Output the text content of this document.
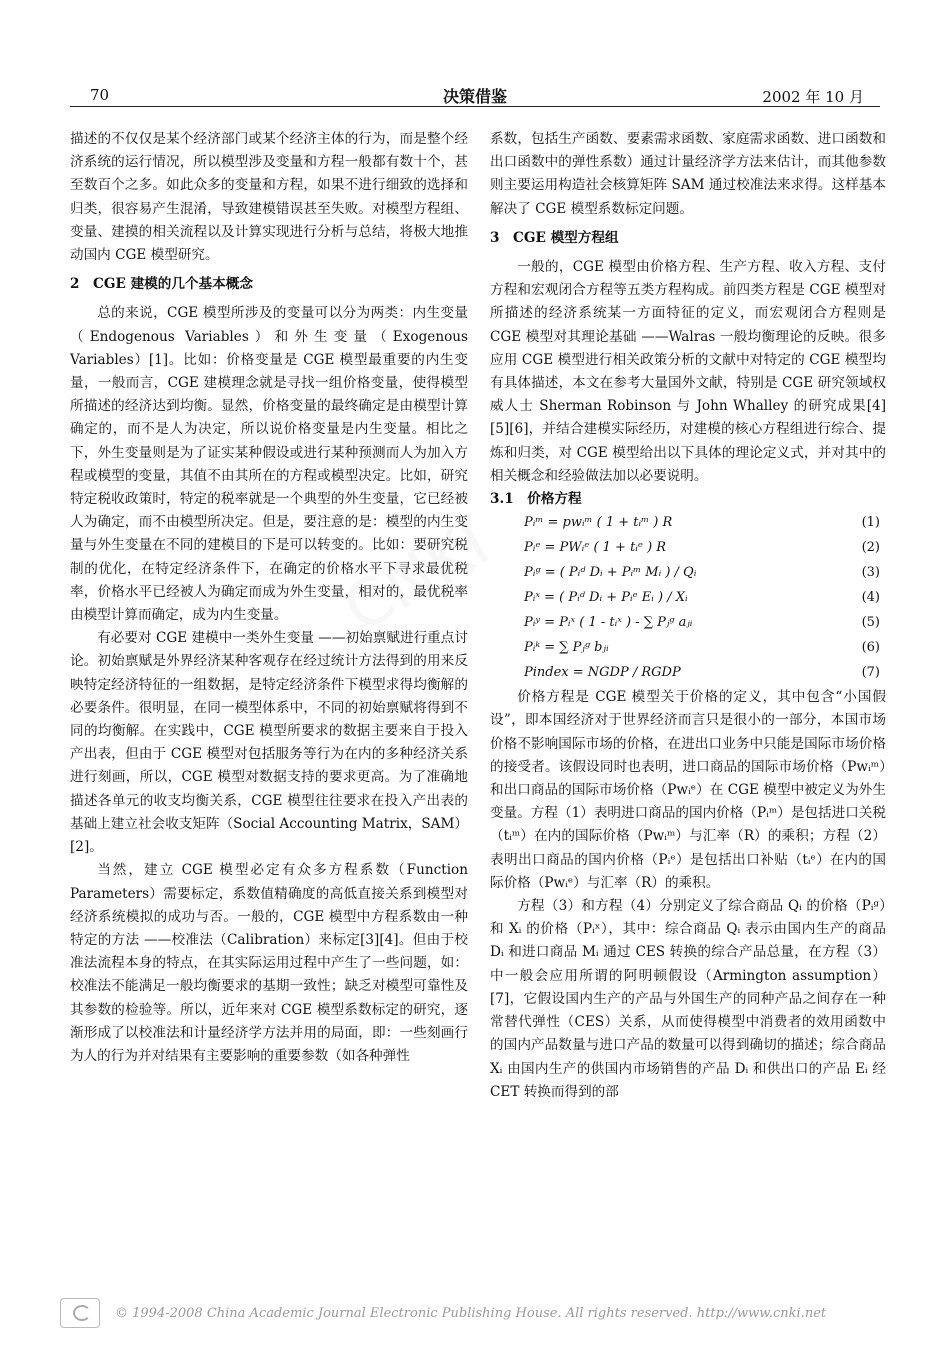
70	决策借鉴	2002 年 10 月

描述的不仅仅是某个经济部门或某个经济主体的行为，而是整个经济系统的运行情况，所以模型涉及变量和方程一般都有数十个，甚至数百个之多。如此众多的变量和方程，如果不进行细致的选择和归类，很容易产生混淆，导致建模错误甚至失败。对模型方程组、变量、建摸的相关流程以及计算实现进行分析与总结，将极大地推动国内 CGE 模型研究。

2　CGE 建模的几个基本概念

总的来说，CGE 模型所涉及的变量可以分为两类：内生变量（Endogenous Variables）和外生变量（Exogenous Variables）[1]。比如：价格变量是 CGE 模型最重要的内生变量，一般而言，CGE 建模理念就是寻找一组价格变量，使得模型所描述的经济达到均衡。显然，价格变量的最终确定是由模型计算确定的，而不是人为决定，所以说价格变量是内生变量。相比之下，外生变量则是为了证实某种假设或进行某种预测而人为加入方程或模型的变量，其值不由其所在的方程或模型决定。比如，研究特定税收政策时，特定的税率就是一个典型的外生变量，它已经被人为确定，而不由模型所决定。但是，要注意的是：模型的内生变量与外生变量在不同的建模目的下是可以转变的。比如：要研究税制的优化，在特定经济条件下，在确定的价格水平下寻求最优税率，价格水平已经被人为确定而成为外生变量，相对的，最优税率由模型计算而确定，成为内生变量。

有必要对 CGE 建模中一类外生变量 ——初始禀赋进行重点讨论。初始禀赋是外界经济某种客观存在经过统计方法得到的用来反映特定经济特征的一组数据，是特定经济条件下模型求得均衡解的必要条件。很明显，在同一模型体系中，不同的初始禀赋将得到不同的均衡解。在实践中，CGE 模型所要求的数据主要来自于投入产出表，但由于 CGE 模型对包括服务等行为在内的多种经济关系进行刻画，所以，CGE 模型对数据支持的要求更高。为了准确地描述各单元的收支均衡关系，CGE 模型往往要求在投入产出表的基础上建立社会收支矩阵（Social Accounting Matrix，SAM）[2]。

当然，建立 CGE 模型必定有众多方程系数（Function Parameters）需要标定，系数值精确度的高低直接关系到模型对经济系统模拟的成功与否。一般的，CGE 模型中方程系数由一种特定的方法 ——校准法（Calibration）来标定[3][4]。但由于校准法流程本身的特点，在其实际运用过程中产生了一些问题，如：校准法不能满足一般均衡要求的基期一致性；缺乏对模型可靠性及其参数的检验等。所以，近年来对 CGE 模型系数标定的研究，逐渐形成了以校准法和计量经济学方法并用的局面，即：一些刻画行为人的行为并对结果有主要影响的重要参数（如各种弹性

系数，包括生产函数、要素需求函数、家庭需求函数、进口函数和出口函数中的弹性系数）通过计量经济学方法来估计，而其他参数则主要运用构造社会核算矩阵 SAM 通过校准法来求得。这样基本解决了 CGE 模型系数标定问题。

3　CGE 模型方程组

一般的，CGE 模型由价格方程、生产方程、收入方程、支付方程和宏观闭合方程等五类方程构成。前四类方程是 CGE 模型对所描述的经济系统某一方面特征的定义，而宏观闭合方程则是 CGE 模型对其理论基础 ——Walras 一般均衡理论的反映。很多应用 CGE 模型进行相关政策分析的文献中对特定的 CGE 模型均有具体描述，本文在参考大量国外文献，特别是 CGE 研究领域权威人士 Sherman Robinson 与 John Whalley 的研究成果[4][5][6]，并结合建模实际经历，对建模的核心方程组进行综合、提炼和归类，对 CGE 模型给出以下具体的理论定义式，并对其中的相关概念和经验做法加以必要说明。

3.1　价格方程

Pᵢᵐ = pwᵢᵐ ( 1 + tᵢᵐ ) R	(1)
Pᵢᵉ = PWᵢᵉ ( 1 + tᵢᵉ ) R	(2)
Pᵢᵍ = ( Pᵢᵈ Dᵢ + Pᵢᵐ Mᵢ ) / Qᵢ	(3)
Pᵢˣ = ( Pᵢᵈ Dᵢ + Pᵢᵉ Eᵢ ) / Xᵢ	(4)
Pᵢʸ = Pᵢˣ ( 1 - tᵢˣ ) - ∑ Pⱼᵍ aⱼᵢ	(5)
Pᵢᵏ = ∑ Pⱼᵍ bⱼᵢ	(6)
Pindex = NGDP / RGDP	(7)

价格方程是 CGE 模型关于价格的定义，其中包含“小国假设”，即本国经济对于世界经济而言只是很小的一部分，本国市场价格不影响国际市场的价格，在进出口业务中只能是国际市场价格的接受者。该假设同时也表明，进口商品的国际市场价格（Pwᵢᵐ）和出口商品的国际市场价格（Pwᵢᵉ）在 CGE 模型中被定义为外生变量。方程（1）表明进口商品的国内价格（Pᵢᵐ）是包括进口关税（tᵢᵐ）在内的国际价格（Pwᵢᵐ）与汇率（R）的乘积；方程（2）表明出口商品的国内价格（Pᵢᵉ）是包括出口补贴（tᵢᵉ）在内的国际价格（Pwᵢᵉ）与汇率（R）的乘积。

方程（3）和方程（4）分别定义了综合商品 Qᵢ 的价格（Pᵢᵍ）和 Xᵢ 的价格（Pᵢˣ），其中：综合商品 Qᵢ 表示由国内生产的商品 Dᵢ 和进口商品 Mᵢ 通过 CES 转换的综合产品总量，在方程（3）中一般会应用所谓的阿明顿假设（Armington assumption）[7]，它假设国内生产的产品与外国生产的同种产品之间存在一种常替代弹性（CES）关系，从而使得模型中消费者的效用函数中的国内产品数量与进口产品的数量可以得到确切的描述；综合商品 Xᵢ 由国内生产的供国内市场销售的产品 Dᵢ 和供出口的产品 Eᵢ 经 CET 转换而得到的部

© 1994-2008 China Academic Journal Electronic Publishing House. All rights reserved. http://www.cnki.net
